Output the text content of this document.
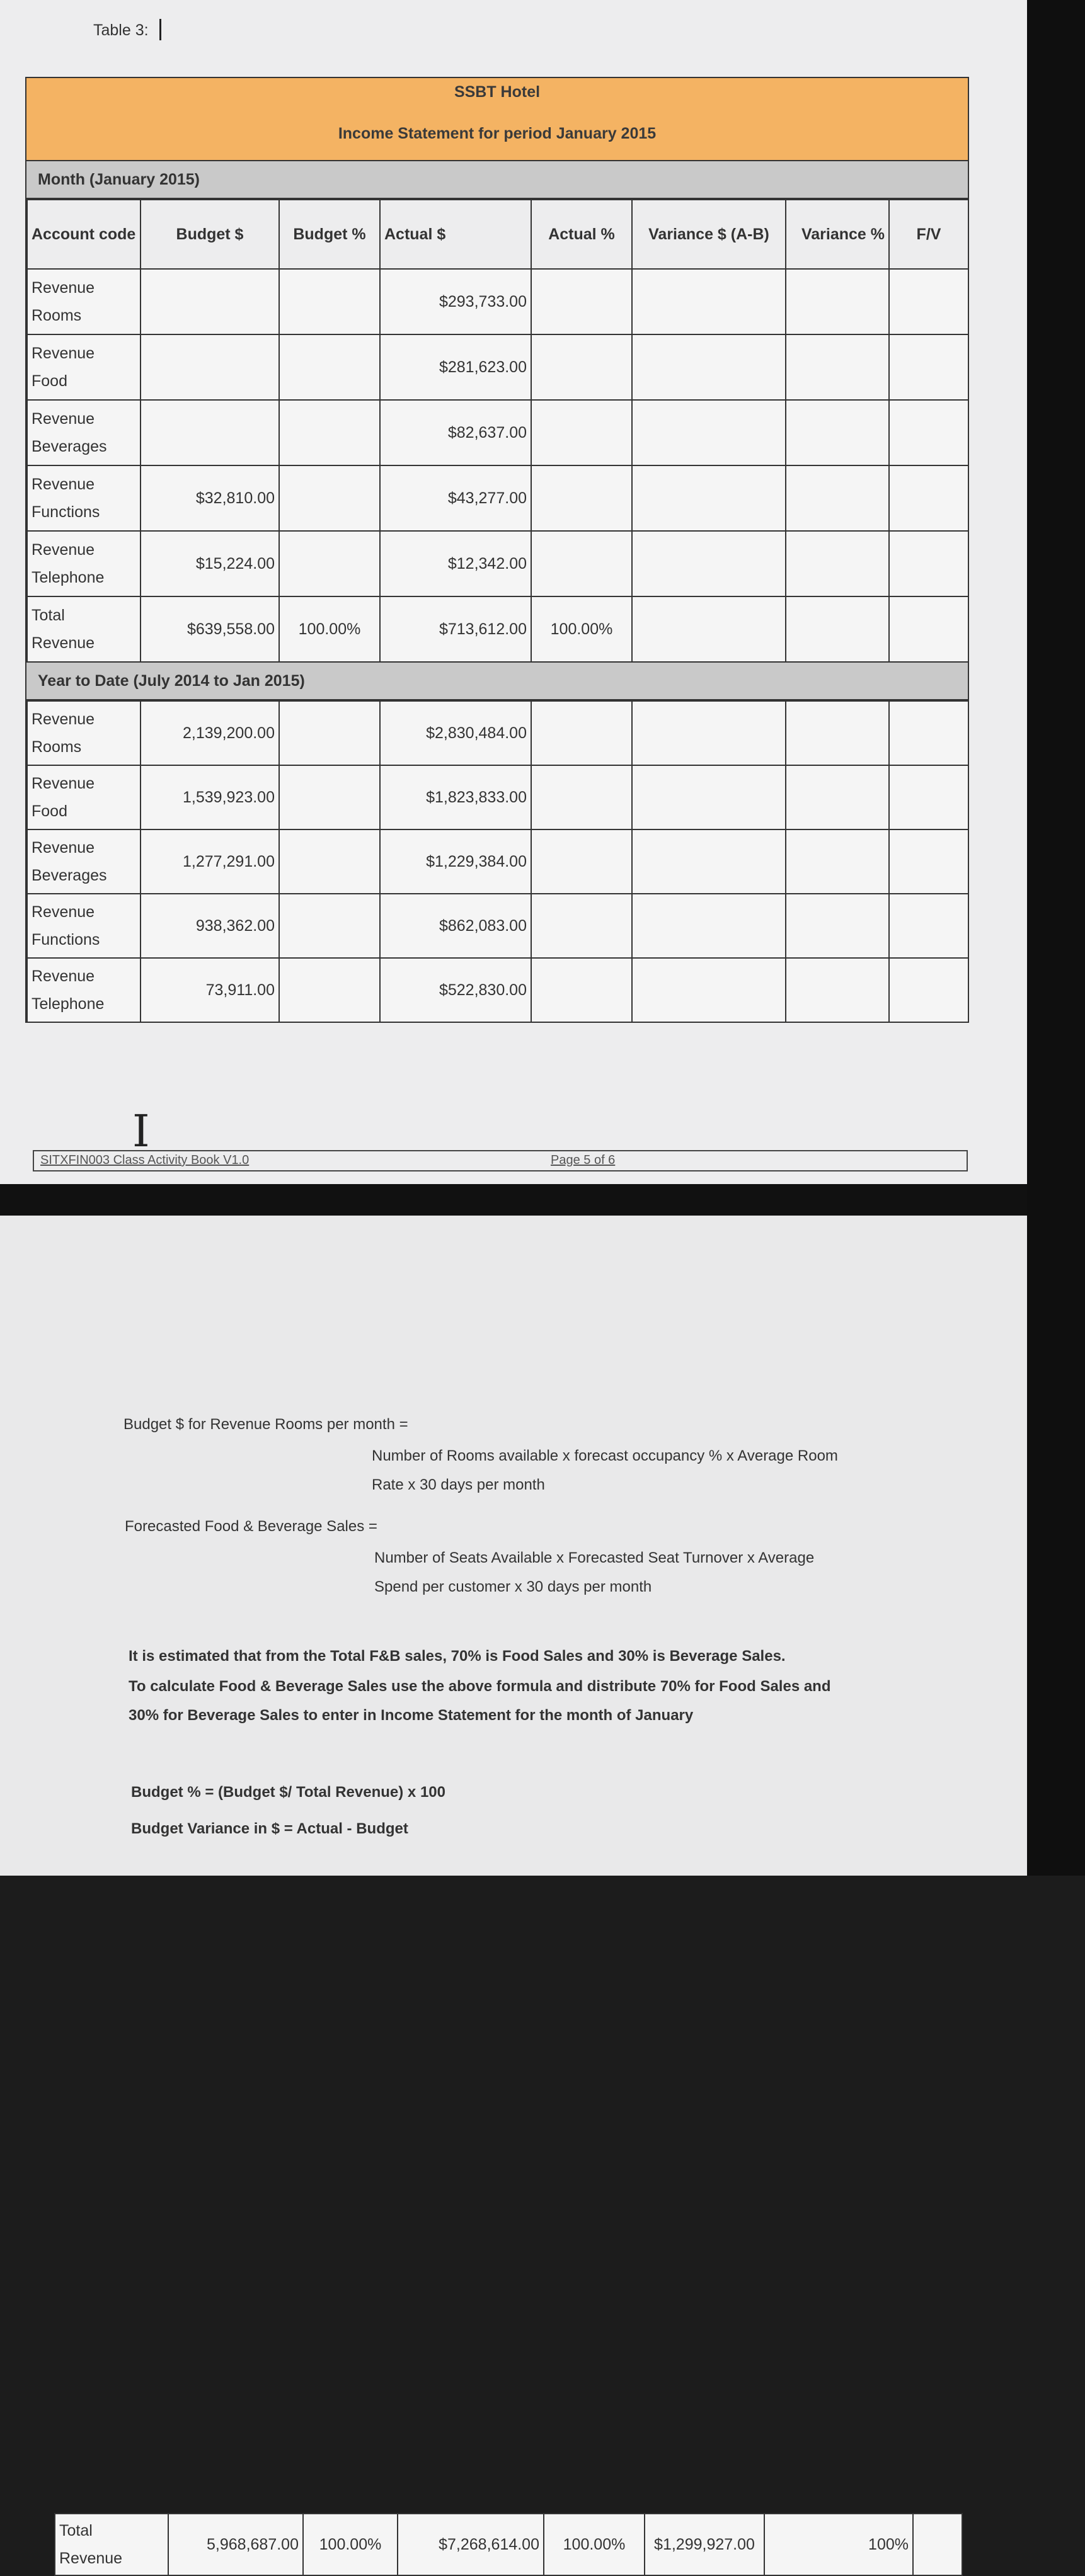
Table 3:
SSBT Hotel
Income Statement for period January 2015
Month (January 2015)
Account code	Budget $	Budget %	Actual $	Actual %	Variance $ (A-B)	Variance %	F/V

Revenue
Rooms			$293,733.00				

Revenue
Food			$281,623.00				

Revenue
Beverages			$82,637.00				

Revenue
Functions	$32,810.00		$43,277.00				

Revenue
Telephone	$15,224.00		$12,342.00				

Total
Revenue	$639,558.00	100.00%	$713,612.00	100.00%			
Year to Date (July 2014 to Jan 2015)
Revenue
Rooms	2,139,200.00		$2,830,484.00				

Revenue
Food	1,539,923.00		$1,823,833.00				

Revenue
Beverages	1,277,291.00		$1,229,384.00				

Revenue
Functions	938,362.00		$862,083.00				

Revenue
Telephone	73,911.00		$522,830.00				
Ι
SITXFIN003 Class Activity Book V1.0	Page 5 of 6
Total
Revenue
	5,968,687.00	100.00%	$7,268,614.00	100.00%	$1,299,927.00	100%	
Budget $ for Revenue Rooms per month =
Number of Rooms available x forecast occupancy % x Average Room
Rate x 30 days per month
Forecasted Food & Beverage Sales =
Number of Seats Available x Forecasted Seat Turnover x Average
Spend per customer x 30 days per month
It is estimated that from the Total F&B sales, 70% is Food Sales and 30% is Beverage Sales.
To calculate Food & Beverage Sales use the above formula and distribute 70% for Food Sales and
30% for Beverage Sales to enter in Income Statement for the month of January
Budget % = (Budget $/ Total Revenue) x 100
Budget Variance in $ = Actual - Budget
